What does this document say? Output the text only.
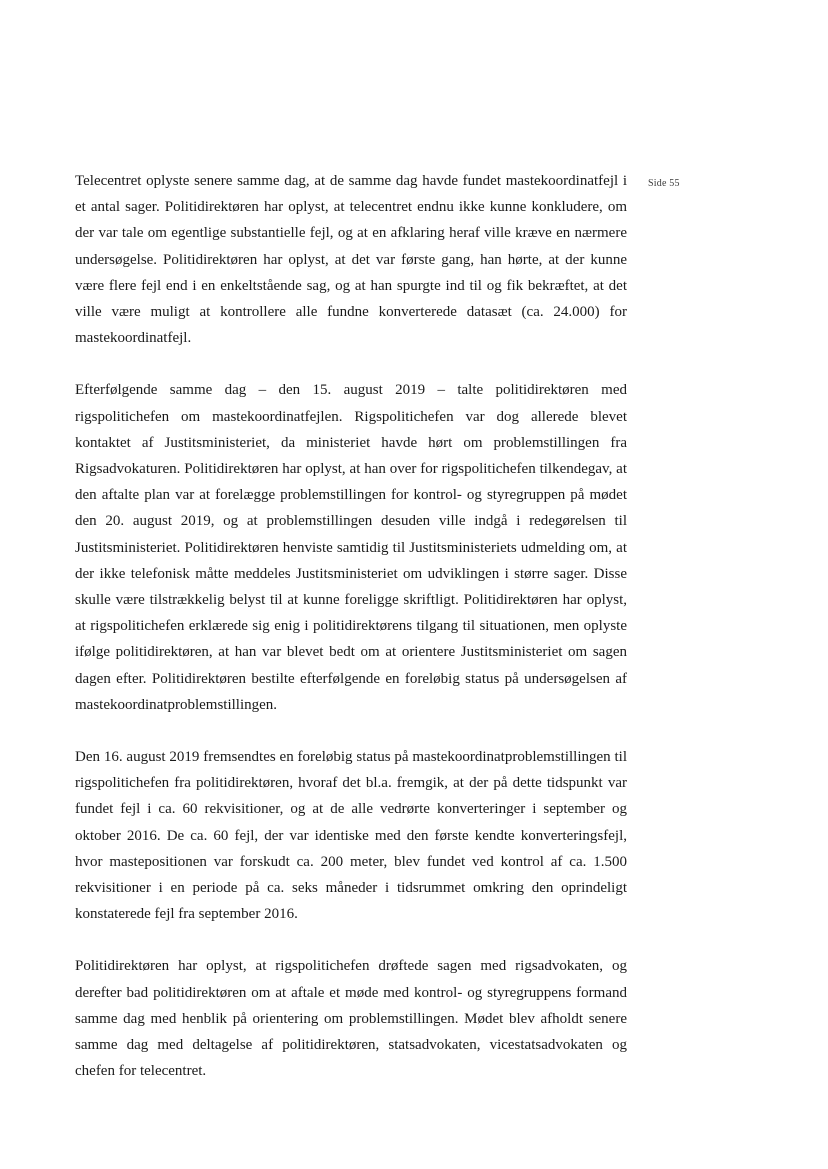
Side 55

Telecentret oplyste senere samme dag, at de samme dag havde fundet mastekoordinatfejl i et antal sager. Politidirektøren har oplyst, at telecentret endnu ikke kunne konkludere, om der var tale om egentlige substantielle fejl, og at en afklaring heraf ville kræve en nærmere undersøgelse. Politidirektøren har oplyst, at det var første gang, han hørte, at der kunne være flere fejl end i en enkeltstående sag, og at han spurgte ind til og fik bekræftet, at det ville være muligt at kontrollere alle fundne konverterede datasæt (ca. 24.000) for mastekoordinatfejl.

Efterfølgende samme dag – den 15. august 2019 – talte politidirektøren med rigspolitichefen om mastekoordinatfejlen. Rigspolitichefen var dog allerede blevet kontaktet af Justitsministeriet, da ministeriet havde hørt om problemstillingen fra Rigsadvokaturen. Politidirektøren har oplyst, at han over for rigspolitichefen tilkendegav, at den aftalte plan var at forelægge problemstillingen for kontrol- og styregruppen på mødet den 20. august 2019, og at problemstillingen desuden ville indgå i redegørelsen til Justitsministeriet. Politidirektøren henviste samtidig til Justitsministeriets udmelding om, at der ikke telefonisk måtte meddeles Justitsministeriet om udviklingen i større sager. Disse skulle være tilstrækkelig belyst til at kunne foreligge skriftligt. Politidirektøren har oplyst, at rigspolitichefen erklærede sig enig i politidirektørens tilgang til situationen, men oplyste ifølge politidirektøren, at han var blevet bedt om at orientere Justitsministeriet om sagen dagen efter. Politidirektøren bestilte efterfølgende en foreløbig status på undersøgelsen af mastekoordinatproblemstillingen.

Den 16. august 2019 fremsendtes en foreløbig status på mastekoordinatproblemstillingen til rigspolitichefen fra politidirektøren, hvoraf det bl.a. fremgik, at der på dette tidspunkt var fundet fejl i ca. 60 rekvisitioner, og at de alle vedrørte konverteringer i september og oktober 2016. De ca. 60 fejl, der var identiske med den første kendte konverteringsfejl, hvor mastepositionen var forskudt ca. 200 meter, blev fundet ved kontrol af ca. 1.500 rekvisitioner i en periode på ca. seks måneder i tidsrummet omkring den oprindeligt konstaterede fejl fra september 2016.

Politidirektøren har oplyst, at rigspolitichefen drøftede sagen med rigsadvokaten, og derefter bad politidirektøren om at aftale et møde med kontrol- og styregruppens formand samme dag med henblik på orientering om problemstillingen. Mødet blev afholdt senere samme dag med deltagelse af politidirektøren, statsadvokaten, vicestatsadvokaten og chefen for telecentret.
